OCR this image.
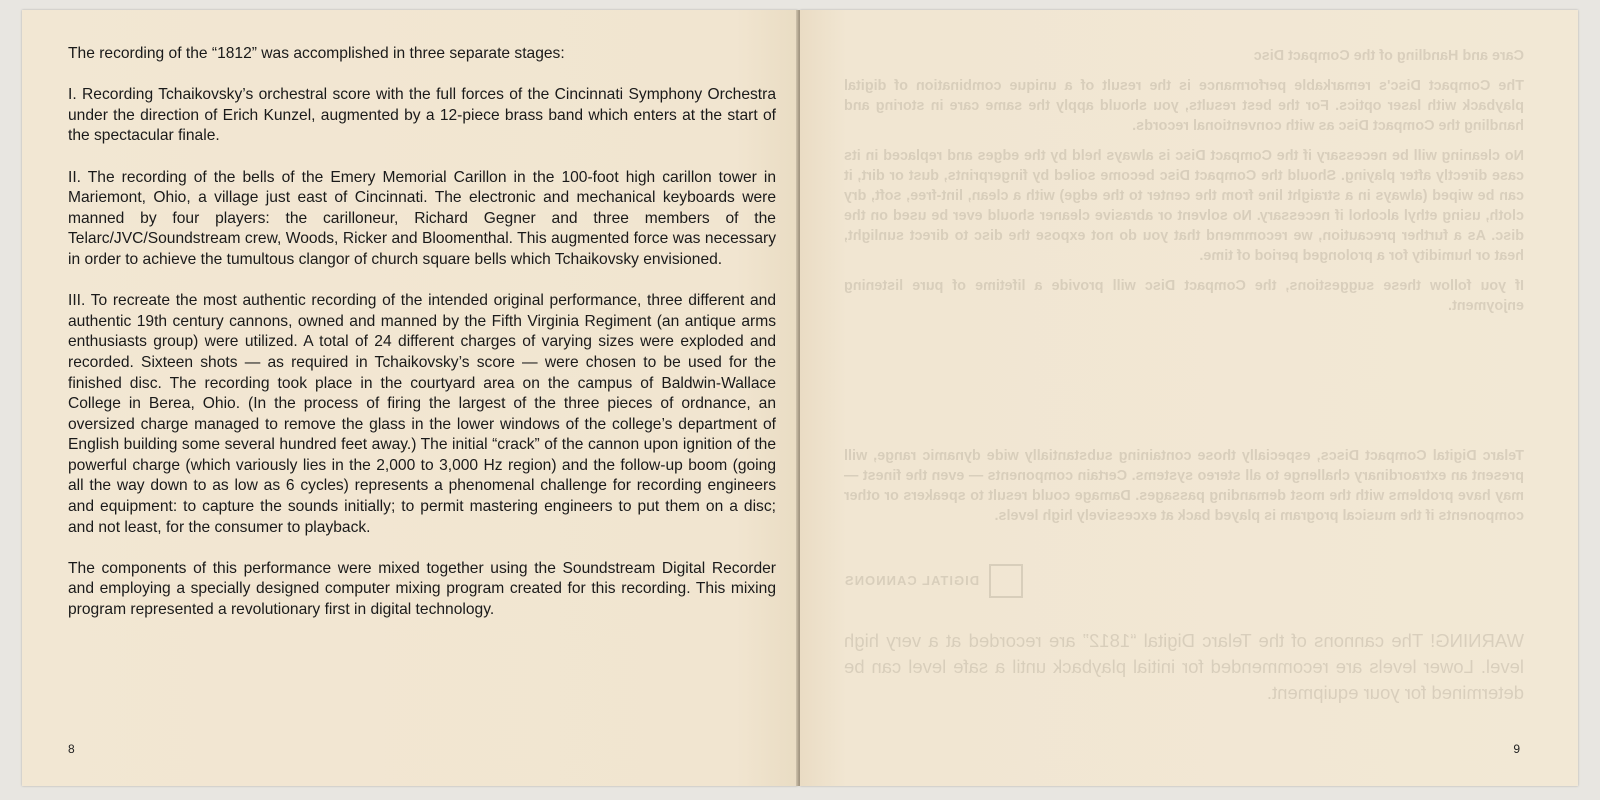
The recording of the “1812” was accomplished in three separate stages:

I. Recording Tchaikovsky’s orchestral score with the full forces of the Cincinnati Symphony Orchestra under the direction of Erich Kunzel, augmented by a 12-piece brass band which enters at the start of the spectacular finale.

II. The recording of the bells of the Emery Memorial Carillon in the 100-foot high carillon tower in Mariemont, Ohio, a village just east of Cincinnati. The electronic and mechanical keyboards were manned by four players: the carilloneur, Richard Gegner and three members of the Telarc/JVC/Soundstream crew, Woods, Ricker and Bloomenthal. This augmented force was necessary in order to achieve the tumultous clangor of church square bells which Tchaikovsky envisioned.

III. To recreate the most authentic recording of the intended original performance, three different and authentic 19th century cannons, owned and manned by the Fifth Virginia Regiment (an antique arms enthusiasts group) were utilized. A total of 24 different charges of varying sizes were exploded and recorded. Sixteen shots — as required in Tchaikovsky’s score — were chosen to be used for the finished disc. The recording took place in the courtyard area on the campus of Baldwin-Wallace College in Berea, Ohio. (In the process of firing the largest of the three pieces of ordnance, an oversized charge managed to remove the glass in the lower windows of the college’s department of English building some several hundred feet away.) The initial “crack” of the cannon upon ignition of the powerful charge (which variously lies in the 2,000 to 3,000 Hz region) and the follow-up boom (going all the way down to as low as 6 cycles) represents a phenomenal challenge for recording engineers and equipment: to capture the sounds initially; to permit mastering engineers to put them on a disc; and not least, for the consumer to playback.

The components of this performance were mixed together using the Soundstream Digital Recorder and employing a specially designed computer mixing program created for this recording. This mixing program represented a revolutionary first in digital technology.

8

Care and Handling of the Compact Disc

The Compact Disc's remarkable performance is the result of a unique combination of digital playback with laser optics. For the best results, you should apply the same care in storing and handling the Compact Disc as with conventional records.

No cleaning will be necessary if the Compact Disc is always held by the edges and replaced in its case directly after playing. Should the Compact Disc become soiled by fingerprints, dust or dirt, it can be wiped (always in a straight line from the center to the edge) with a clean, lint-free, soft, dry cloth, using ethyl alcohol if necessary. No solvent or abrasive cleaner should ever be used on the disc. As a further precaution, we recommend that you do not expose the disc to direct sunlight, heat or humidity for a prolonged period of time.

If you follow these suggestions, the Compact Disc will provide a lifetime of pure listening enjoyment.

Telarc Digital Compact Discs, especially those containing substantially wide dynamic range, will present an extraordinary challenge to all stereo systems. Certain components — even the finest — may have problems with the most demanding passages. Damage could result to speakers or other components if the musical program is played back at excessively high levels.

DIGITAL CANNONS

WARNING! The cannons of the Telarc Digital “1812” are recorded at a very high level. Lower levels are recommended for initial playback until a safe level can be determined for your equipment.

9
